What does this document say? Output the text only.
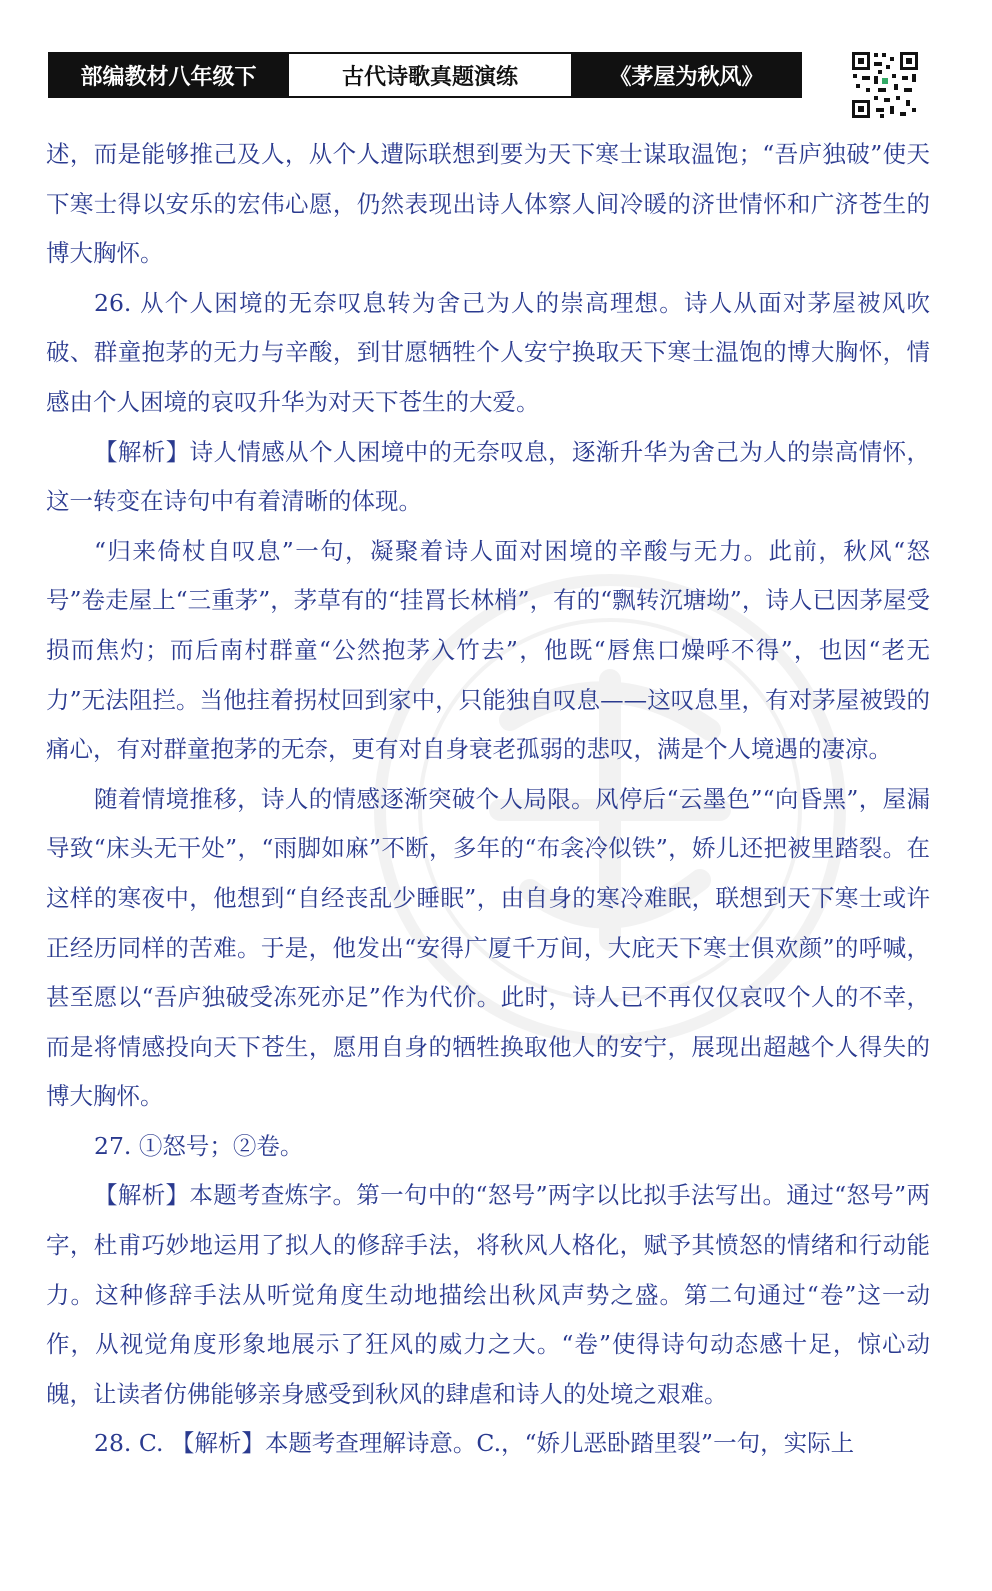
部编教材八年级下	古代诗歌真题演练	《茅屋为秋风》

述，而是能够推己及人，从个人遭际联想到要为天下寒士谋取温饱；“吾庐独破”使天下寒士得以安乐的宏伟心愿，仍然表现出诗人体察人间冷暖的济世情怀和广济苍生的博大胸怀。

26. 从个人困境的无奈叹息转为舍己为人的崇高理想。诗人从面对茅屋被风吹破、群童抱茅的无力与辛酸，到甘愿牺牲个人安宁换取天下寒士温饱的博大胸怀，情感由个人困境的哀叹升华为对天下苍生的大爱。

【解析】诗人情感从个人困境中的无奈叹息，逐渐升华为舍己为人的崇高情怀，这一转变在诗句中有着清晰的体现。

“归来倚杖自叹息”一句，凝聚着诗人面对困境的辛酸与无力。此前，秋风“怒号”卷走屋上“三重茅”，茅草有的“挂罥长林梢”，有的“飘转沉塘坳”，诗人已因茅屋受损而焦灼；而后南村群童“公然抱茅入竹去”，他既“唇焦口燥呼不得”，也因“老无力”无法阻拦。当他拄着拐杖回到家中，只能独自叹息——这叹息里，有对茅屋被毁的痛心，有对群童抱茅的无奈，更有对自身衰老孤弱的悲叹，满是个人境遇的凄凉。

随着情境推移，诗人的情感逐渐突破个人局限。风停后“云墨色”“向昏黑”，屋漏导致“床头无干处”，“雨脚如麻”不断，多年的“布衾冷似铁”，娇儿还把被里踏裂。在这样的寒夜中，他想到“自经丧乱少睡眠”，由自身的寒冷难眠，联想到天下寒士或许正经历同样的苦难。于是，他发出“安得广厦千万间，大庇天下寒士俱欢颜”的呼喊，甚至愿以“吾庐独破受冻死亦足”作为代价。此时，诗人已不再仅仅哀叹个人的不幸，而是将情感投向天下苍生，愿用自身的牺牲换取他人的安宁，展现出超越个人得失的博大胸怀。

27. ①怒号；②卷。

【解析】本题考查炼字。第一句中的“怒号”两字以比拟手法写出。通过“怒号”两字，杜甫巧妙地运用了拟人的修辞手法，将秋风人格化，赋予其愤怒的情绪和行动能力。这种修辞手法从听觉角度生动地描绘出秋风声势之盛。第二句通过“卷”这一动作，从视觉角度形象地展示了狂风的威力之大。“卷”使得诗句动态感十足，惊心动魄，让读者仿佛能够亲身感受到秋风的肆虐和诗人的处境之艰难。

28. C. 【解析】本题考查理解诗意。C.，“娇儿恶卧踏里裂”一句，实际上
